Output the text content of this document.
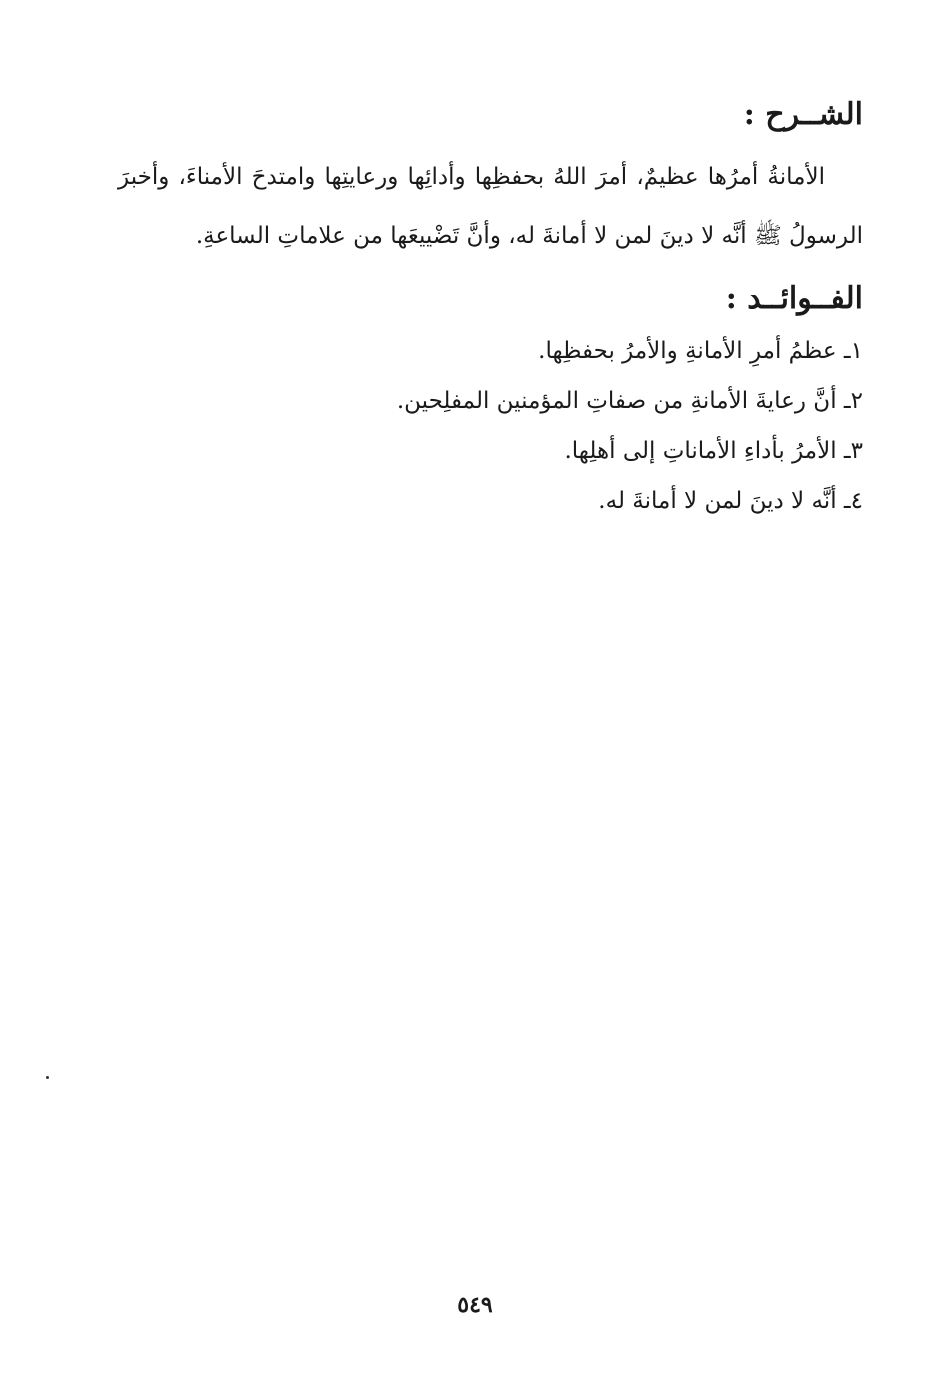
الشــرح :

الأمانةُ أمرُها عظيمٌ، أمرَ اللهُ بحفظِها وأدائِها ورعايتِها وامتدحَ الأمناءَ، وأخبرَ الرسولُ ﷺ أنَّه لا دينَ لمن لا أمانةَ له، وأنَّ تَضْييعَها من علاماتِ الساعةِ.

الفــوائــد :
١ـ عظمُ أمرِ الأمانةِ والأمرُ بحفظِها.
٢ـ أنَّ رعايةَ الأمانةِ من صفاتِ المؤمنين المفلِحين.
٣ـ الأمرُ بأداءِ الأماناتِ إلى أهلِها.
٤ـ أنَّه لا دينَ لمن لا أمانةَ له.
٥٤٩
